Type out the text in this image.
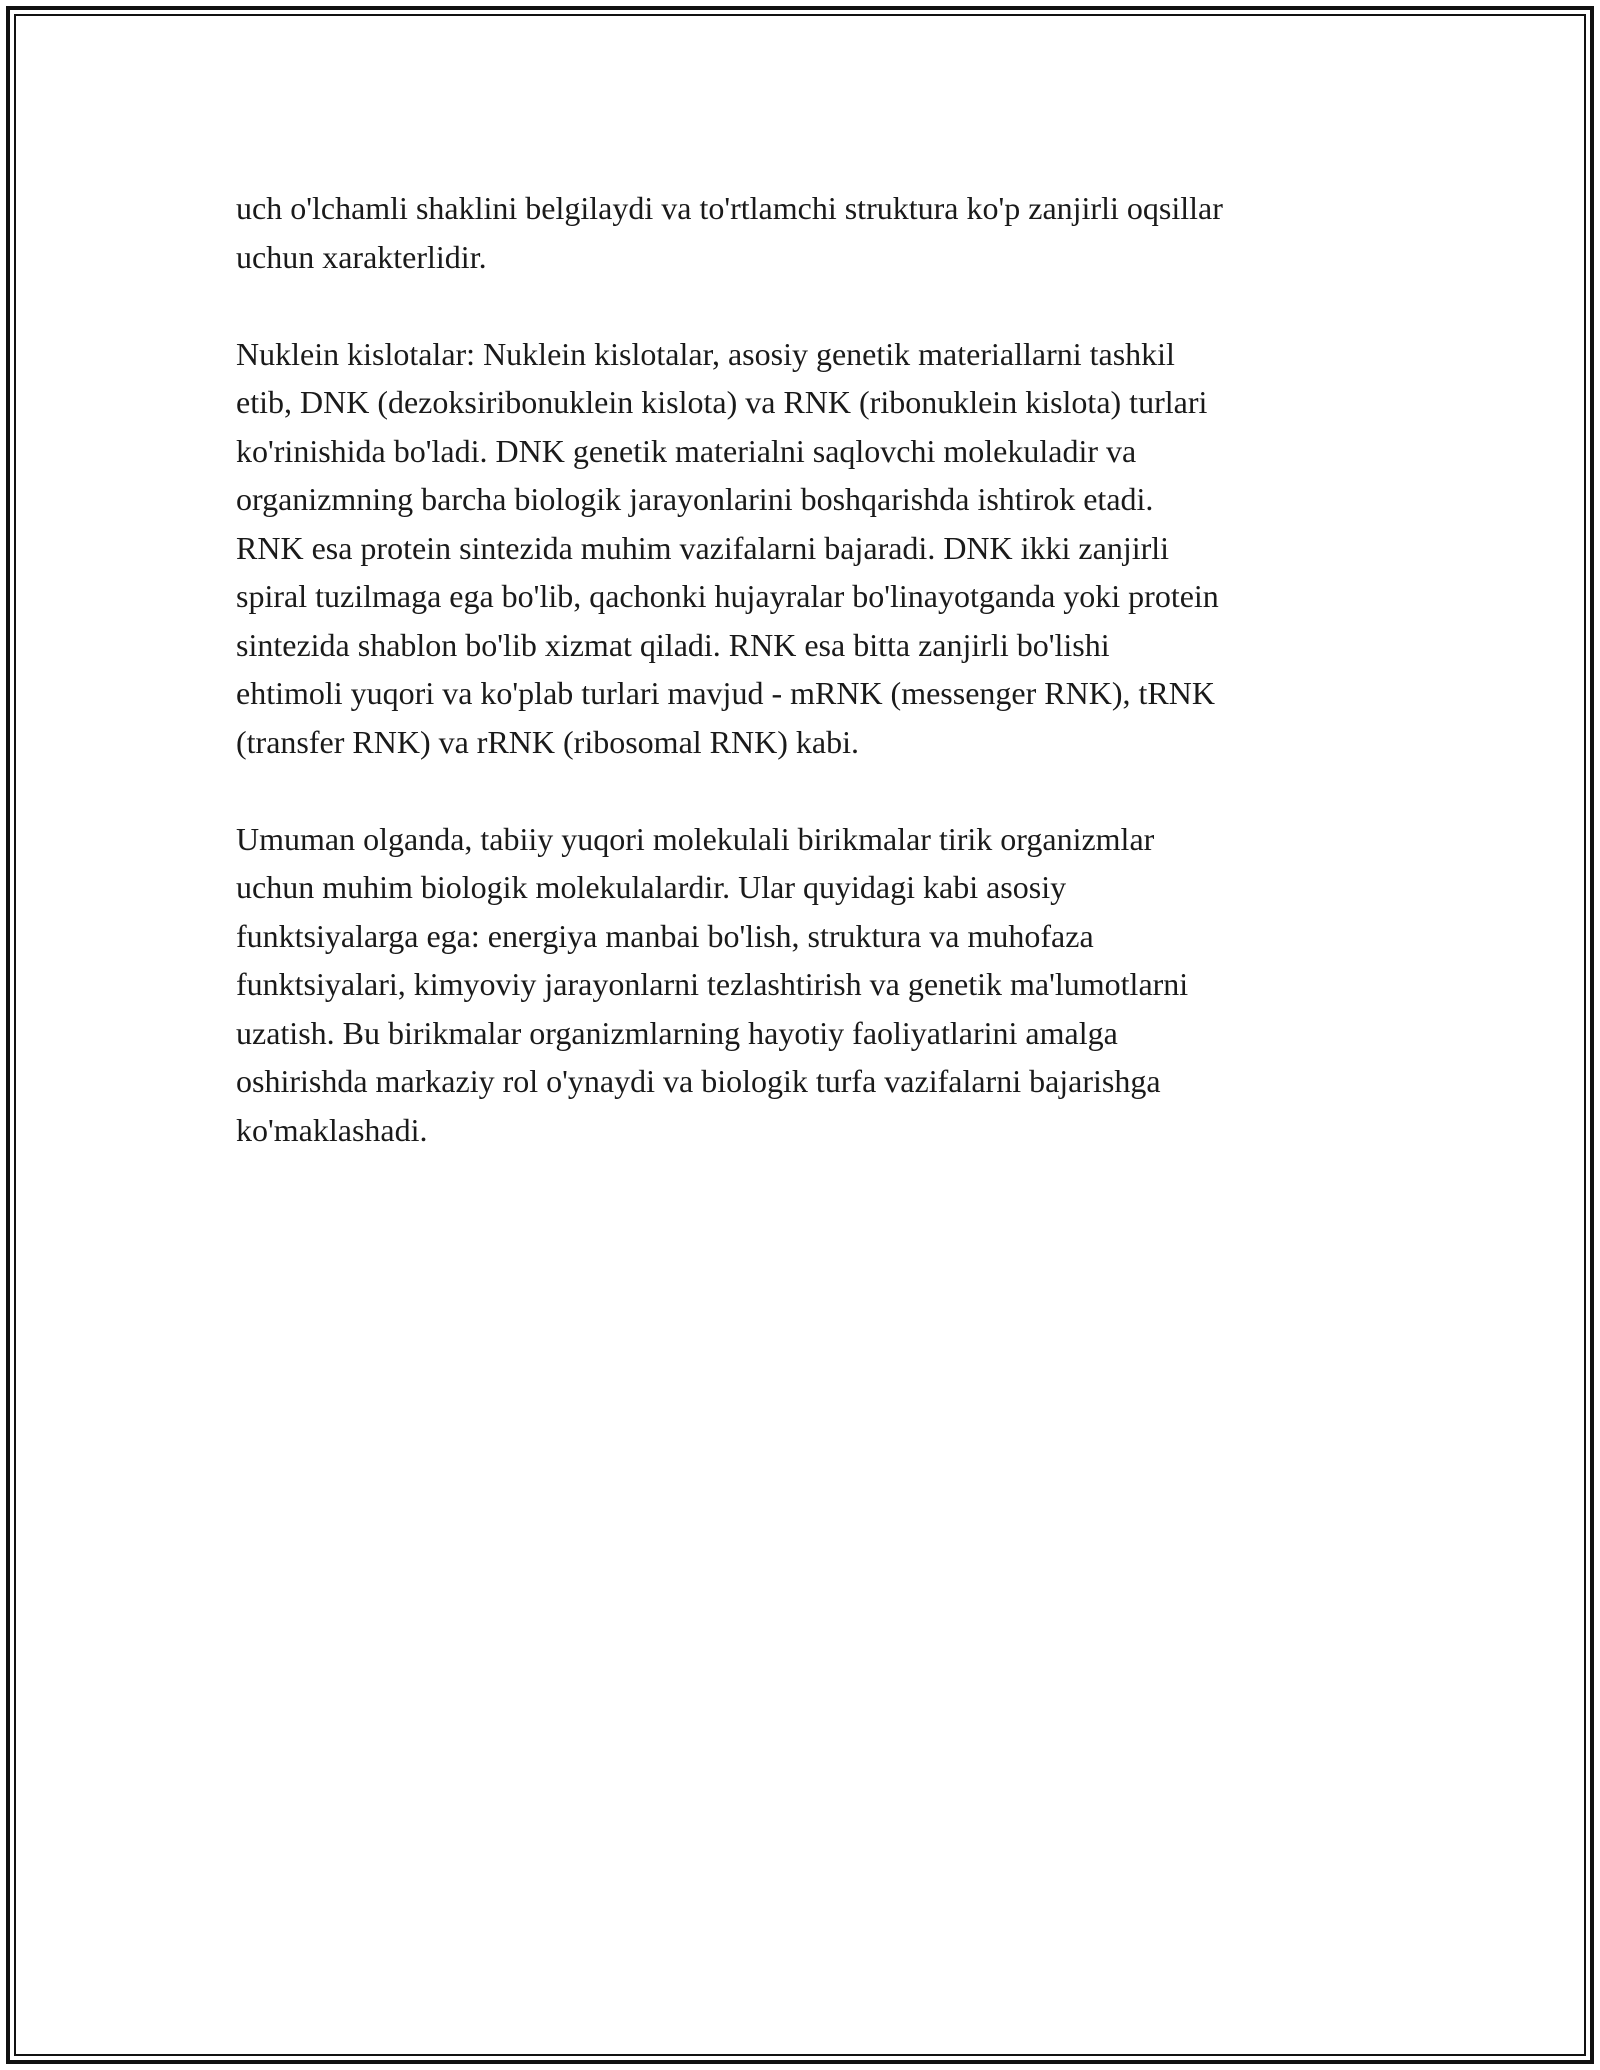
uch o'lchamli shaklini belgilaydi va to'rtlamchi struktura ko'p zanjirli oqsillar
uchun xarakterlidir.

Nuklein kislotalar: Nuklein kislotalar, asosiy genetik materiallarni tashkil
etib, DNK (dezoksiribonuklein kislota) va RNK (ribonuklein kislota) turlari
ko'rinishida bo'ladi. DNK genetik materialni saqlovchi molekuladir va
organizmning barcha biologik jarayonlarini boshqarishda ishtirok etadi.
RNK esa protein sintezida muhim vazifalarni bajaradi. DNK ikki zanjirli
spiral tuzilmaga ega bo'lib, qachonki hujayralar bo'linayotganda yoki protein
sintezida shablon bo'lib xizmat qiladi. RNK esa bitta zanjirli bo'lishi
ehtimoli yuqori va ko'plab turlari mavjud - mRNK (messenger RNK), tRNK
(transfer RNK) va rRNK (ribosomal RNK) kabi.

Umuman olganda, tabiiy yuqori molekulali birikmalar tirik organizmlar
uchun muhim biologik molekulalardir. Ular quyidagi kabi asosiy
funktsiyalarga ega: energiya manbai bo'lish, struktura va muhofaza
funktsiyalari, kimyoviy jarayonlarni tezlashtirish va genetik ma'lumotlarni
uzatish. Bu birikmalar organizmlarning hayotiy faoliyatlarini amalga
oshirishda markaziy rol o'ynaydi va biologik turfa vazifalarni bajarishga
ko'maklashadi.
